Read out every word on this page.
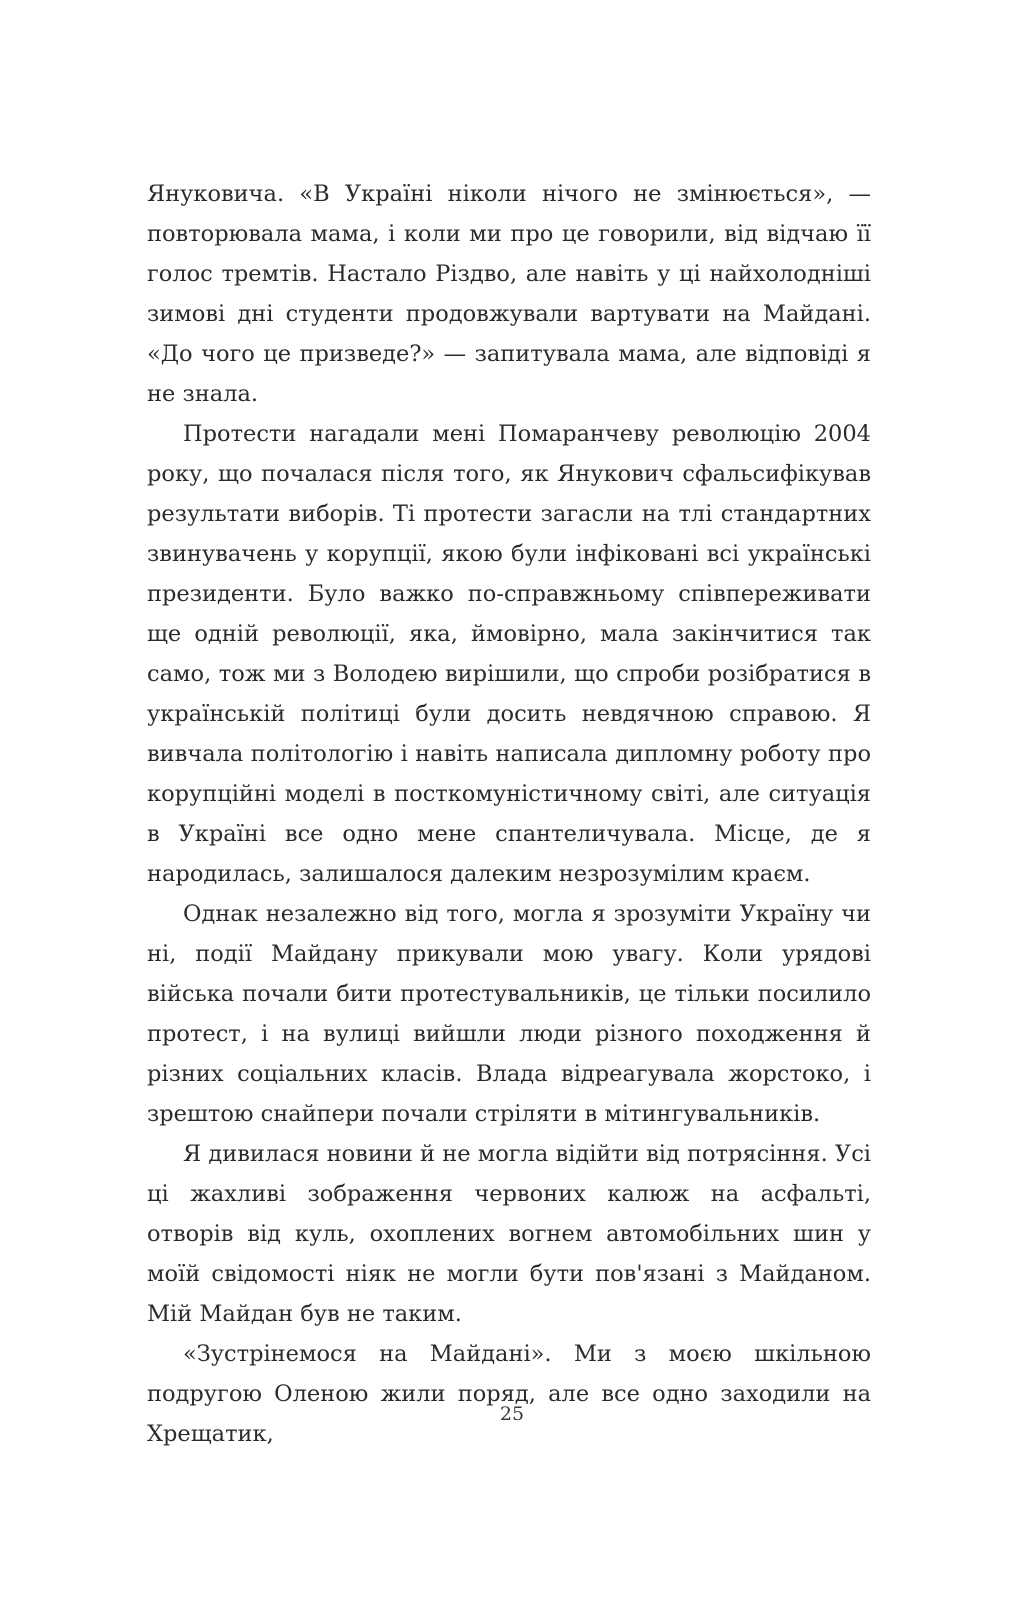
Януковича. «В Україні ніколи нічого не змінюється», — повторювала мама, і коли ми про це говорили, від відчаю її голос тремтів. Настало Різдво, але навіть у ці найхолодніші зимові дні студенти продовжували вартувати на Майдані. «До чого це призведе?» — запитувала мама, але відповіді я не знала.

Протести нагадали мені Помаранчеву революцію 2004 року, що почалася після того, як Янукович сфальсифікував результати виборів. Ті протести загасли на тлі стандартних звинувачень у корупції, якою були інфіковані всі українські президенти. Було важко по-справжньому співпереживати ще одній революції, яка, ймовірно, мала закінчитися так само, тож ми з Володею вирішили, що спроби розібратися в українській політиці були досить невдячною справою. Я вивчала політологію і навіть написала дипломну роботу про корупційні моделі в посткомуністичному світі, але ситуація в Україні все одно мене спантеличувала. Місце, де я народилась, залишалося далеким незрозумілим краєм.

Однак незалежно від того, могла я зрозуміти Україну чи ні, події Майдану прикували мою увагу. Коли урядові війська почали бити протестувальників, це тільки посилило протест, і на вулиці вийшли люди різного походження й різних соціальних класів. Влада відреагувала жорстоко, і зрештою снайпери почали стріляти в мітингувальників.

Я дивилася новини й не могла відійти від потрясіння. Усі ці жахливі зображення червоних калюж на асфальті, отворів від куль, охоплених вогнем автомобільних шин у моїй свідомості ніяк не могли бути пов'язані з Майданом. Мій Майдан був не таким.

«Зустрінемося на Майдані». Ми з моєю шкільною подругою Оленою жили поряд, але все одно заходили на Хрещатик,

25
